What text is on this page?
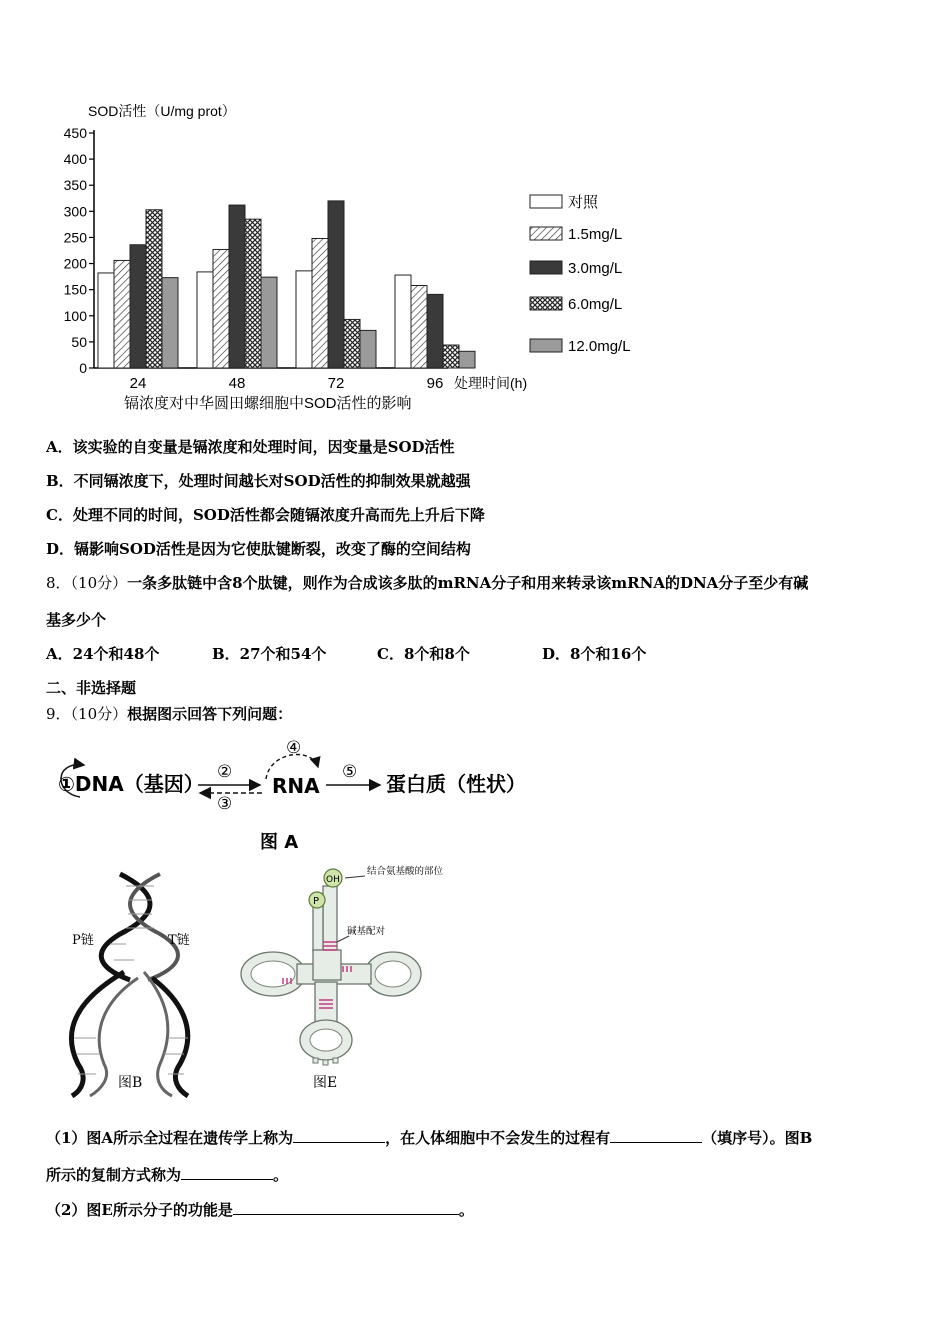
SOD活性（U/mg prot）
0
50
100
150
200
250
300
350
400
450
24	48	72	96 处理时间(h)
镉浓度对中华圆田螺细胞中SOD活性的影响
对照
1.5mg/L
3.0mg/L
6.0mg/L
12.0mg/L
A．该实验的自变量是镉浓度和处理时间，因变量是SOD活性
B．不同镉浓度下，处理时间越长对SOD活性的抑制效果就越强
C．处理不同的时间，SOD活性都会随镉浓度升高而先上升后下降
D．镉影响SOD活性是因为它使肽键断裂，改变了酶的空间结构
8．（10分）一条多肽链中含8个肽键，则作为合成该多肽的mRNA分子和用来转录该mRNA的DNA分子至少有碱
基多少个
A．24个和48个	B．27个和54个	C．8个和8个	D．8个和16个
二、非选择题
9．（10分）根据图示回答下列问题：
①DNA（基因） ②
③
④
RNA
⑤ 蛋白质（性状）
图 A
P链	T链
图B
OH
P
结合氨基酸的部位
碱基配对
图E
（1）图A所示全过程在遗传学上称为	，在人体细胞中不会发生的过程有	（填序号）。图B
所示的复制方式称为	。
（2）图E所示分子的功能是	。
